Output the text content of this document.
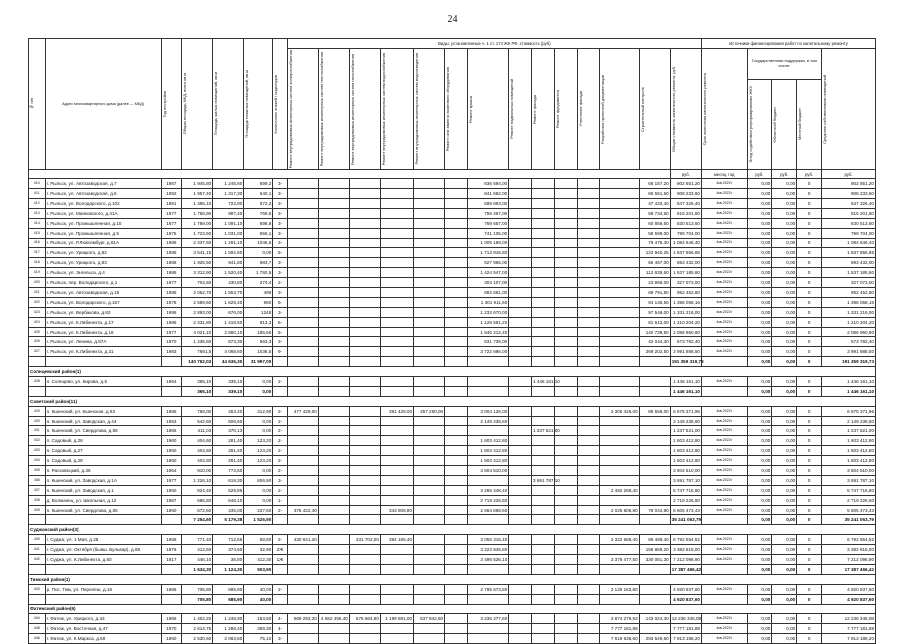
24
№ п/п	Адрес многоквартирного дома (далее — МКД)	Год постройки	Общая площадь МКД, всего кв.м	Площадь жилых помещений, кв.м	Площадь нежилых помещений, кв.м	Количество этажей / подъездов	Виды, установленные ч. 1 ст. 174 ЖК РФ, стоимость (руб)														Источники финансирования работ по капитальному ремонту				

							Ремонт внутридомовых инженерных систем электроснабжения	Ремонт внутридомовых инженерных систем теплоснабжения	Ремонт внутридомовых инженерных систем газоснабжения	Ремонт внутридомовых инженерных систем водоснабжения	Ремонт внутридомовых инженерных систем водоотведения	Ремонт или замена лифтового оборудования	Ремонт крыши	Ремонт подвальных помещений	Ремонт фасада	Ремонт фундамента	Утепление фасада	Разработка проектной документации	Строительный контроль	Общая стоимость капитального ремонта, руб.	Срок окончания капитального ремонта	Государственная поддержка, в том числе:			Средства собственников помещений

																						Фонд содействия реформированию ЖКХ	Областной бюджет	Местный бюджет	

																				руб.	месяц, год	руб.	руб.	руб.	руб.
410	г. Рыльск, ул. Автозаводская, д.7	1987	1 945,80	1 246,60	699,2	3-							836 694,00						66 157,20	902 851,20	4кв.2022г	0,00	0,00	0	902 851,20
411	г. Рыльск, ул. Автозаводская, д.6	1992	1 957,40	1 317,30	640,1	3-							841 682,00						66 551,60	908 233,60	4кв.2022г	0,00	0,00	0	908 233,60
412	г. Рыльск, ул. Володарского, д.102	1981	1 395,10	722,90	672,2	3-							599 893,00						47 433,40	647 326,40	4кв.2022г	0,00	0,00	0	647 326,40
413	г. Рыльск, ул. Маяковского, д.41А	1977	1 756,90	987,40	769,5	3-							755 467,00						59 734,60	815 201,60	4кв.2022г	0,00	0,00	0	815 201,60
414	г. Рыльск, ул. Промышленная, д.10	1977	1 789,00	1 091,10	698,8	3-							769 657,00						60 856,60	830 513,60	4кв.2022г	0,00	0,00	0	830 513,60
415	г. Рыльск, ул. Промышленная, д.5	1975	1 723,50	1 031,00	656,1	3-							741 105,00						58 599,00	799 704,00	4кв.2022г	0,00	0,00	0	799 704,00
416	г. Рыльск, ул. Р.Люксембург, д.81А	1989	2 337,60	1 291,10	1046,5	3-							1 005 168,00						79 478,40	1 084 646,40	4кв.2022г	0,00	0,00	0	1 084 646,40
417	г. Рыльск, ул. Урицкого, д.82	1986	3 541,15	1 592,60	0,00	5-							1 713 916,60						123 940,25	1 837 856,85	4кв.2022г	0,00	0,00	0	1 837 856,85
418	г. Рыльск, ул. Урицкого, д.83	1988	1 925,50	941,80	983,7	3-							827 965,00						65 467,00	893 432,00	4кв.2022г	0,00	0,00	0	893 432,00
419	г. Рыльск, ул. Энгельса, д.4	1986	3 312,90	1 520,40	1 792,5	3-							1 424 547,00						112 638,60	1 537 185,60	4кв.2022г	0,00	0,00	0	1 537 185,60
420	г. Рыльск, пер. Володарского, д.1	1977	704,60	430,80	274,4	2-							303 107,00						23 966,00	327 073,00	4кв.2022г	0,00	0,00	0	327 073,00
421	г. Рыльск, ул. Автозаводская, д.18	1986	2 052,70	1 553,70	499	3-							882 661,00						69 791,80	952 452,80	4кв.2022г	0,00	0,00	0	952 452,80
422	г. Рыльск, ул. Володарского, д.167	1978	2 589,60	1 629,40	960	5-							1 301 911,60						94 146,56	1 396 058,16	4кв.2022г	0,00	0,00	0	1 396 058,16
423	г. Рыльск, ул. Вербакова, д.82	1996	2 893,00	676,00	1248	3-							1 233 670,00						97 546,00	1 331 216,00	4кв.2022г	0,00	0,00	0	1 331 216,00
424	г. Рыльск, ул. К.Либкнехта, д.17	1986	2 331,80	1 418,50	913,3	5-							1 128 591,20						81 613,00	1 210 204,20	4кв.2022г	0,00	0,00	0	1 210 204,20
425	г. Рыльск, ул. К.Либкнехта, д.18	1977	4 021,10	2 860,10	185,50	5-							1 946 212,40						140 738,50	2 086 950,90	4кв.2022г	0,00	0,00	0	2 086 950,90
426	г. Рыльск, ул. Ленина, д.87А	1970	1 236,60	673,30	563,3	3-							531 738,00						42 044,40	573 782,40	4кв.2022г	0,00	0,00	0	573 782,40
427	г. Рыльск, ул. К.Либкнехта, д.31	1983	7691,5	4 068,60	1036,5	9-							3 722 686,00						269 202,50	3 991 888,50	4кв.2022г	0,00	0,00	0	3 991 888,50
			140 762,03	44 636,30	31 997,00															191 359 319,73		0,00	0,00	0	191 359 319,73
Солнцевский район(1)																									
428	п. Солнцево, ул. Кирова, д.5	1964	365,10	339,10	0,00	2-									1 446 161,10					1 446 161,10	4кв.2022г	0,00	0,00	0	1 446 161,10
			365,10	339,10	0,00															1 446 161,10		0,00	0,00	0	1 446 161,10
Советский район(11)																									
429	п. Кшенский, ул. Кшенская, д.63	1985	768,00	453,40	312,90	2-	477 429,00			391 428,00	257 250,00		3 004 128,00					2 305 426,00	88 556,00	6 675 371,96	4кв.2022г	0,00	0,00	0	6 675 371,96
430	п. Кшенский, ул. Заводская, д.44	1963	542,60	506,60	0,00	2-							2 149 238,60							2 149 238,60	4кв.2022г	0,00	0,00	0	2 149 238,60
431	п. Кшенский, ул. Свердлова, д.56	1965	411,03	370,13	0,00	2-									1 237 521,00					1 237 521,00	4кв.2022г	0,00	0,00	0	1 237 521,00
432	п. Садовый, д.26	1960	404,60	281,40	123,20	2-							1 603 412,80							1 603 412,80	4кв.2022г	0,00	0,00	0	1 603 412,80
433	п. Садовый, д.27	1960	404,60	281,40	123,20	2-							1 603 412,80							1 603 412,80	4кв.2022г	0,00	0,00	0	1 603 412,80
434	п. Садовый, д.28	1960	404,60	281,40	123,20	2-							1 603 412,80							1 603 412,80	4кв.2022г	0,00	0,00	0	1 603 412,80
435	п. Расховецкий, д.36	1964	910,00	773,50	0,00	2-							3 604 510,00							3 604 510,00	4кв.2022г	0,00	0,00	0	3 604 510,00
436	п. Кшенский, ул. Заводская, д.1А	1977	1 226,10	619,30	606,90	3-									3 691 787,10					3 691 787,10	4кв.2022г	0,00	0,00	0	3 691 787,10
437	п. Кшенский, ул. Заводская, д.1	1960	824,40	529,85	0,00	2-							3 265 448,40					2 482 268,40		5 747 716,80	4кв.2022г	0,00	0,00	0	5 747 716,80
438	д. Волжанец, ул. Школьная, д.12	1987	686,50	648,10	0,00	1-							2 719 226,50							2 719 226,50	4кв.2022г	0,00	0,00	0	2 719 226,50
439	п. Кшенский, ул. Свердлова, д.55	1960	672,60	435,00	237,60	2-	375 422,40			343 808,80			2 664 668,60					2 025 806,80	78 044,80	5 605 473,43	4кв.2022г	0,00	0,00	0	5 605 473,43
			7 254,60	5 179,38	1 526,90															35 241 063,79		0,00	0,00	0	35 241 063,79
Суджанский район(3)																									
440	г. Суджа, ул. 1 Мая, д.28	1968	771,40	712,56	58,80	2-	430 641,20		331 702,00	394 155,40			3 055 315,40					2 322 686,40	89 489,40	6 792 554,52	4кв.2022г	0,00	0,00	0	6 792 554,52
441	г. Суджа, ул. Октября (бывш. Бульвар), д.68	1976	412,50	374,60	32,90	2Ж							3 223 945,80						158 869,20	3 382 815,00	4кв.2022г	0,00	0,00	0	3 382 815,00
442	г. Суджа, ул. К.Либкнехта, д.60	1917	446,10	36,80	412,30	1Ж							3 498 536,10					3 379 477,50	330 081,30	7 212 096,90	4кв.2022г	0,00	0,00	0	7 212 096,90
			1 634,30	1 124,30	503,90															17 387 466,42		0,00	0,00	0	17 387 466,42
Тимский район(1)																									
443	р. Пос. Тим, ул. Перелеш, д.16	1966	705,80	685,90	40,00	2-							2 795 673,80					2 125 163,80		4 920 837,60	4кв.2022г	0,00	0,00	0	4 920 837,60
			705,80	685,90	40,00															4 920 837,60		0,00	0,00	0	4 920 837,60
Фатежский район(6)																									
444	г. Фатеж, ул. Урицкого, д.43	1966	1 402,20	1 248,90	153,60	4-	569 293,20	4 662 455,40	676 664,80	1 199 881,00	537 942,60		3 236 277,60					3 874 276,93	143 024,40	12 236 345,08	4кв.2022г	0,00	0,00	0	12 236 345,08
445	г. Фатеж, ул. Восточная, д.47	1970	2 614,75	1 288,40	369,30	4-												7 777 181,88		7 777 181,88	4кв.2022г	0,00	0,00	0	7 777 181,88
446	г. Фатеж, ул. К.Маркса, д.50	1960	2 530,60	2 063,60	75,10	3-												7 619 636,60	293 549,60	7 913 186,20	4кв.2022г	0,00	0,00	0	7 913 186,20
